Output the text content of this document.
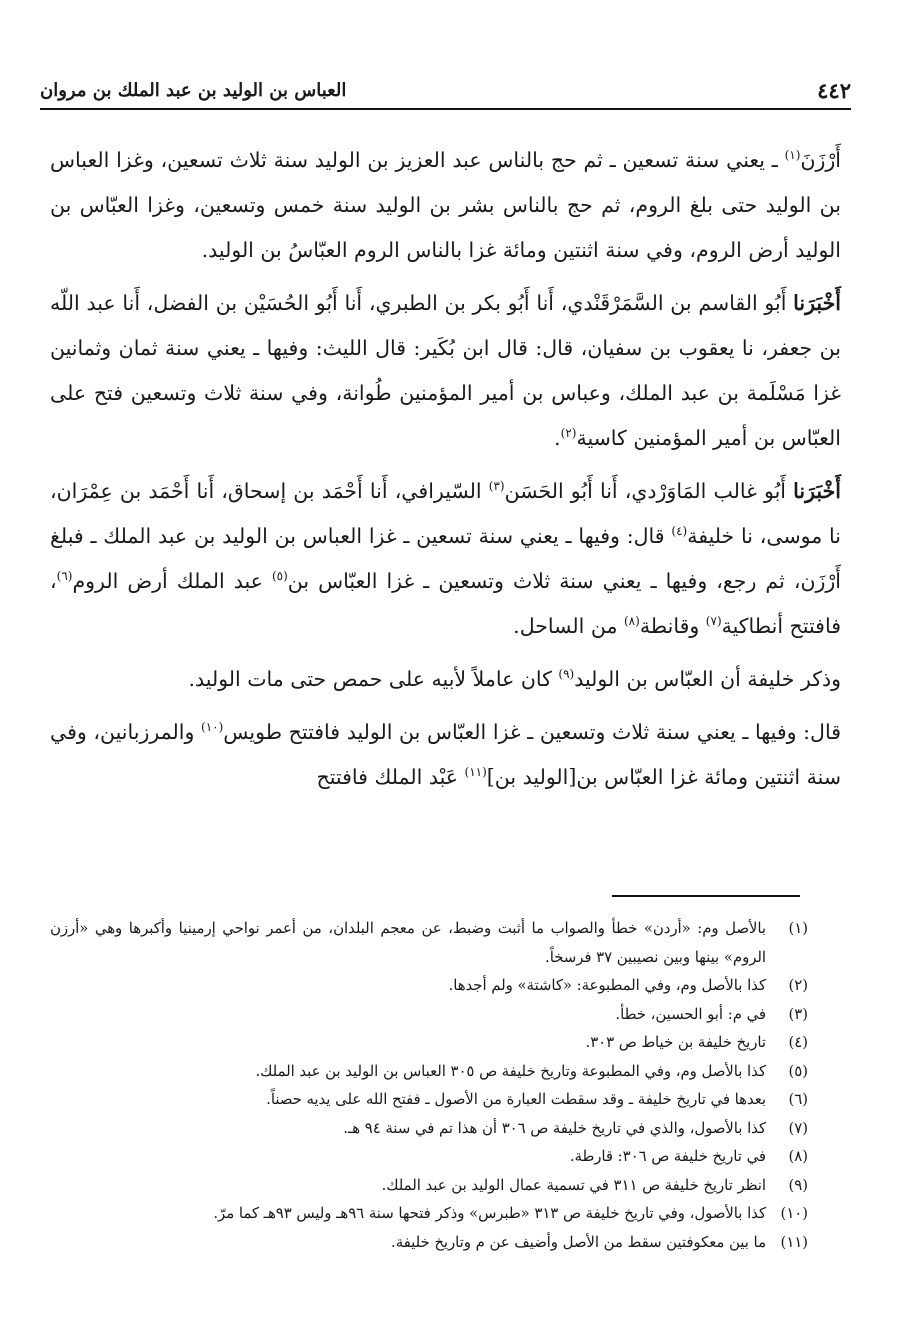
٤٤٢
العباس بن الوليد بن عبد الملك بن مروان

أَرْزَنَ$^{(١)}$ ـ يعني سنة تسعين ـ ثم حج بالناس عبد العزيز بن الوليد سنة ثلاث تسعين، وغزا العباس بن الوليد حتى بلغ الروم، ثم حج بالناس بشر بن الوليد سنة خمس وتسعين، وغزا العبّاس بن الوليد أرض الروم، وفي سنة اثنتين ومائة غزا بالناس الروم العبّاسُ بن الوليد.

أَخْبَرَنا أَبُو القاسم بن السَّمَرْقَنْدي، أَنا أَبُو بكر بن الطبري، أَنا أَبُو الحُسَيْن بن الفضل، أَنا عبد اللّه بن جعفر، نا يعقوب بن سفيان، قال: قال ابن بُكَير: قال الليث: وفيها ـ يعني سنة ثمان وثمانين غزا مَسْلَمة بن عبد الملك، وعباس بن أمير المؤمنين طُوانة، وفي سنة ثلاث وتسعين فتح على العبّاس بن أمير المؤمنين كاسية$^{(٢)}$.

أَخْبَرَنا أَبُو غالب المَاوَرْدي، أَنا أَبُو الحَسَن$^{(٣)}$ السّيرافي، أَنا أَحْمَد بن إسحاق، أَنا أَحْمَد بن عِمْرَان، نا موسى، نا خليفة$^{(٤)}$ قال: وفيها ـ يعني سنة تسعين ـ غزا العباس بن الوليد بن عبد الملك ـ فبلغ أَرْزَن، ثم رجع، وفيها ـ يعني سنة ثلاث وتسعين ـ غزا العبّاس بن$^{(٥)}$ عبد الملك أرض الروم$^{(٦)}$، فافتتح أنطاكية$^{(٧)}$ وقانطة$^{(٨)}$ من الساحل.

وذكر خليفة أن العبّاس بن الوليد$^{(٩)}$ كان عاملاً لأبيه على حمص حتى مات الوليد.

قال: وفيها ـ يعني سنة ثلاث وتسعين ـ غزا العبّاس بن الوليد فافتتح طويس$^{(١٠)}$ والمرزبانين، وفي سنة اثنتين ومائة غزا العبّاس بن[الوليد بن]$^{(١١)}$ عَبْد الملك فافتتح

(١)
بالأصل وم: «أردن» خطأ والصواب ما أثبت وضبط، عن معجم البلدان، من أعمر نواحي إرمينيا وأكبرها وهي «أرزن الروم» بينها وبين نصيبين ٣٧ فرسخاً.
(٢)
كذا بالأصل وم، وفي المطبوعة: «كاشتة» ولم أجدها.
(٣)
في م: أبو الحسين، خطأ.
(٤)
تاريخ خليفة بن خياط ص ٣٠٣.
(٥)
كذا بالأصل وم، وفي المطبوعة وتاريخ خليفة ص ٣٠٥ العباس بن الوليد بن عبد الملك.
(٦)
بعدها في تاريخ خليفة ـ وقد سقطت العبارة من الأصول ـ ففتح الله على يديه حصناً.
(٧)
كذا بالأصول، والذي في تاريخ خليفة ص ٣٠٦ أن هذا تم في سنة ٩٤ هـ.
(٨)
في تاريخ خليفة ص ٣٠٦: قارطة.
(٩)
انظر تاريخ خليفة ص ٣١١ في تسمية عمال الوليد بن عبد الملك.
(١٠)
كذا بالأصول، وفي تاريخ خليفة ص ٣١٣ «طبرس» وذكر فتحها سنة ٩٦هـ وليس ٩٣هـ كما مرّ.
(١١)
ما بين معكوفتين سقط من الأصل وأضيف عن م وتاريخ خليفة.
